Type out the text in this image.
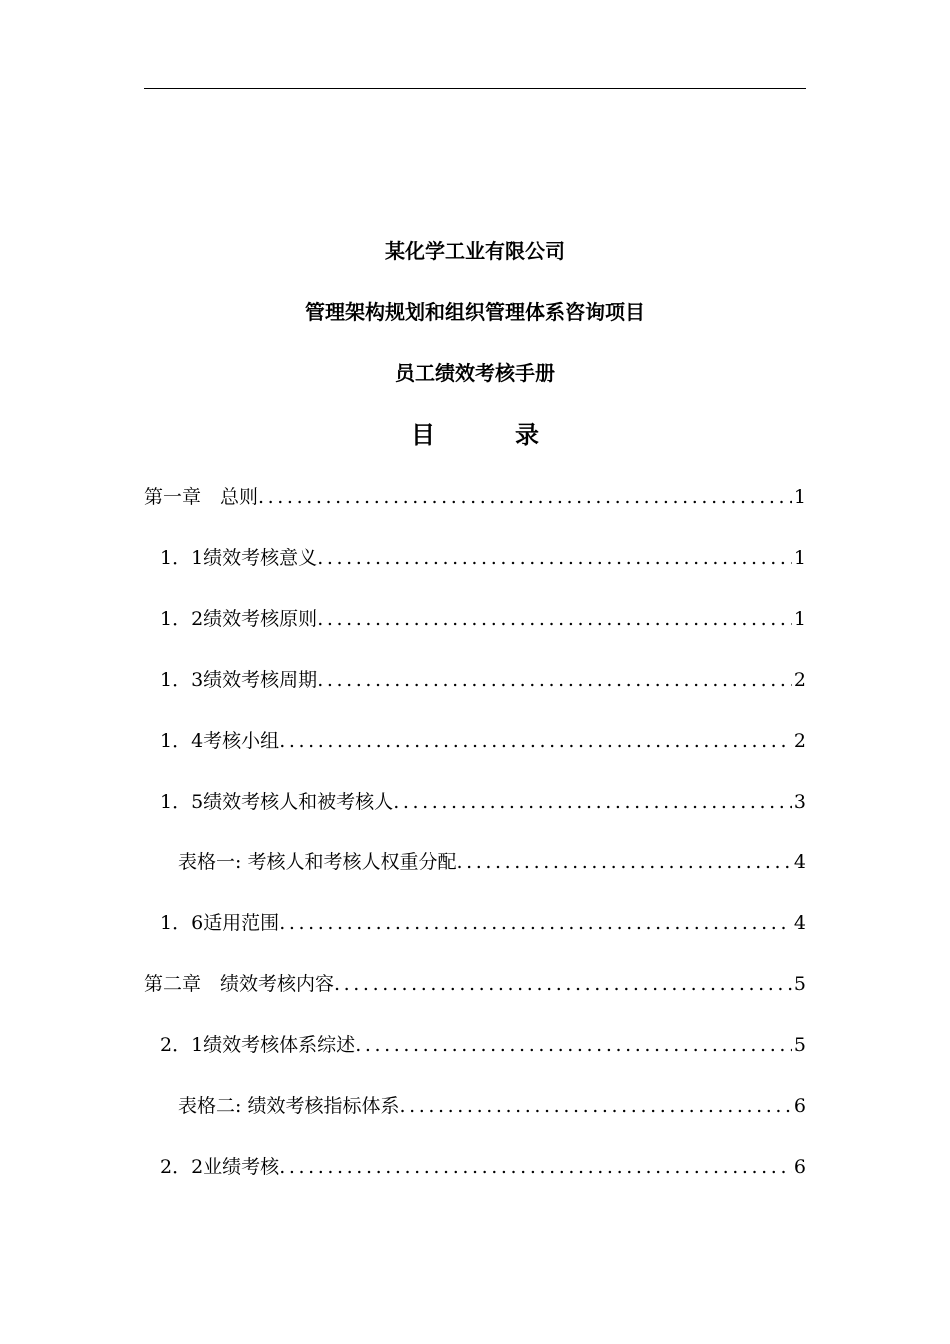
某化学工业有限公司
管理架构规划和组织管理体系咨询项目
员工绩效考核手册
目	录
第一章　总则 .....	1
1．1绩效考核意义 .....	1
1．2绩效考核原则 .....	1
1．3绩效考核周期 .....	2
1．4考核小组 .....	2
1．5绩效考核人和被考核人 .....	3
表格一: 考核人和考核人权重分配 .....	4
1．6适用范围 .....	4
第二章　绩效考核内容 .....	5
2．1绩效考核体系综述 .....	5
表格二: 绩效考核指标体系 .....	6
2．2业绩考核 .....	6
